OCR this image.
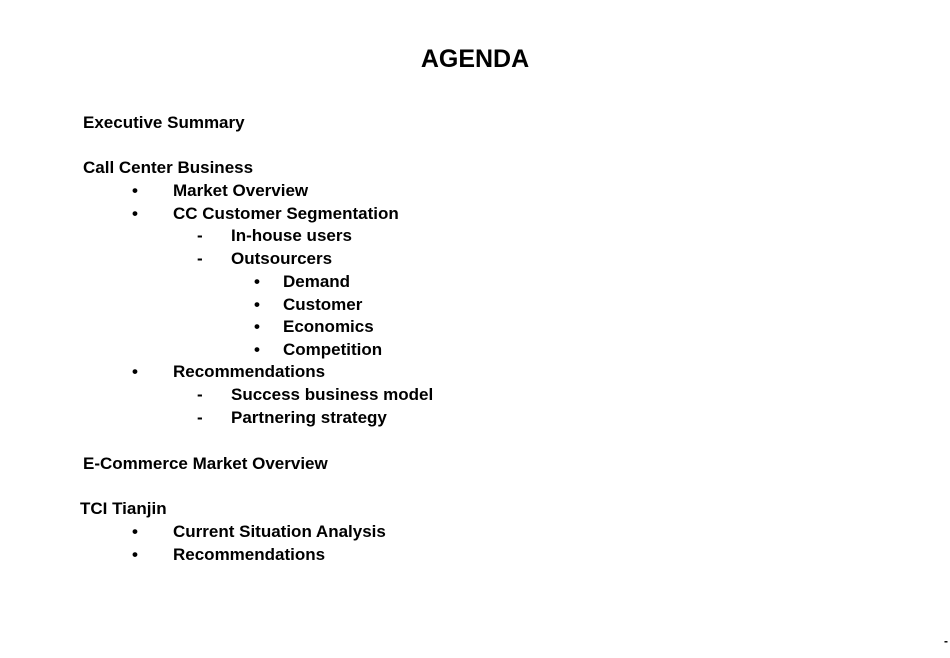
AGENDA
Executive Summary
Call Center Business
• Market Overview
• CC Customer Segmentation
- In-house users
- Outsourcers
• Demand
• Customer
• Economics
• Competition
• Recommendations
- Success business model
- Partnering strategy
E-Commerce Market Overview
TCI Tianjin
• Current Situation Analysis
• Recommendations
-
